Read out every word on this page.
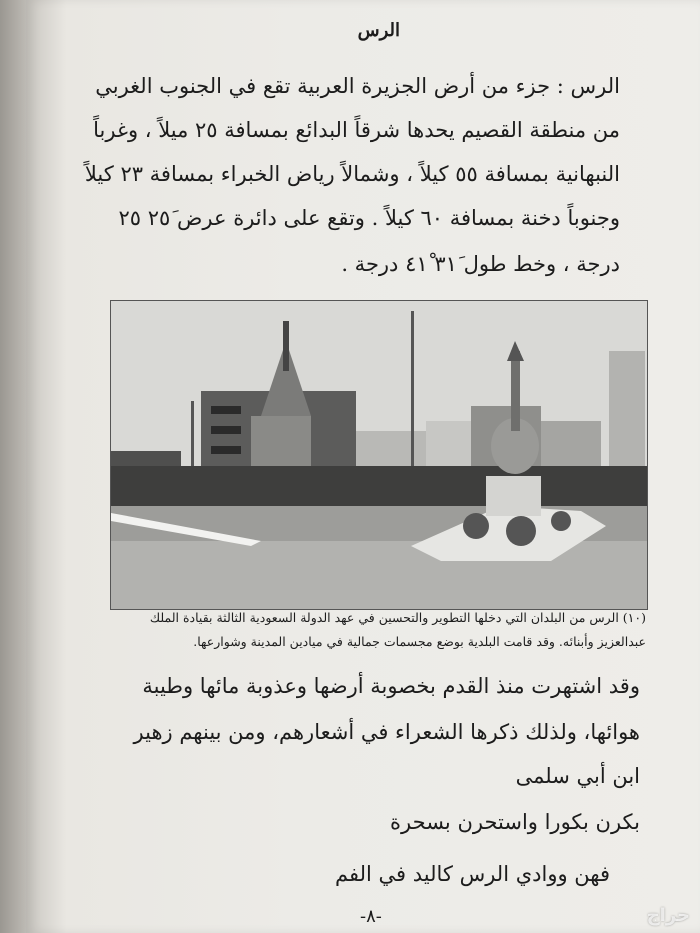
الرس
الرس : جزء من أرض الجزيرة العربية تقع في الجنوب الغربي
من منطقة القصيم يحدها شرقاً البدائع بمسافة ٢٥ ميلاً ، وغرباً
النبهانية بمسافة ٥٥ كيلاً ، وشمالاً رياض الخبراء بمسافة ٢٣ كيلاً
وجنوباً دخنة بمسافة ٦٠ كيلاً . وتقع على دائرة عرض ٢٥َ ٢٥
درجة ، وخط طول ٣١َ ٤١ْ درجة .
(١٠) الرس من البلدان التي دخلها التطوير والتحسين في عهد الدولة السعودية الثالثة بقيادة الملك
عبدالعزيز وأبنائه. وقد قامت البلدية بوضع مجسمات جمالية في ميادين المدينة وشوارعها.
وقد اشتهرت منذ القدم بخصوبة أرضها وعذوبة مائها وطيبة
هوائها، ولذلك ذكرها الشعراء في أشعارهم، ومن بينهم زهير
ابن أبي سلمى
بكرن بكورا واستحرن بسحرة
فهن ووادي الرس كاليد في الفم
-٨-	حراج
